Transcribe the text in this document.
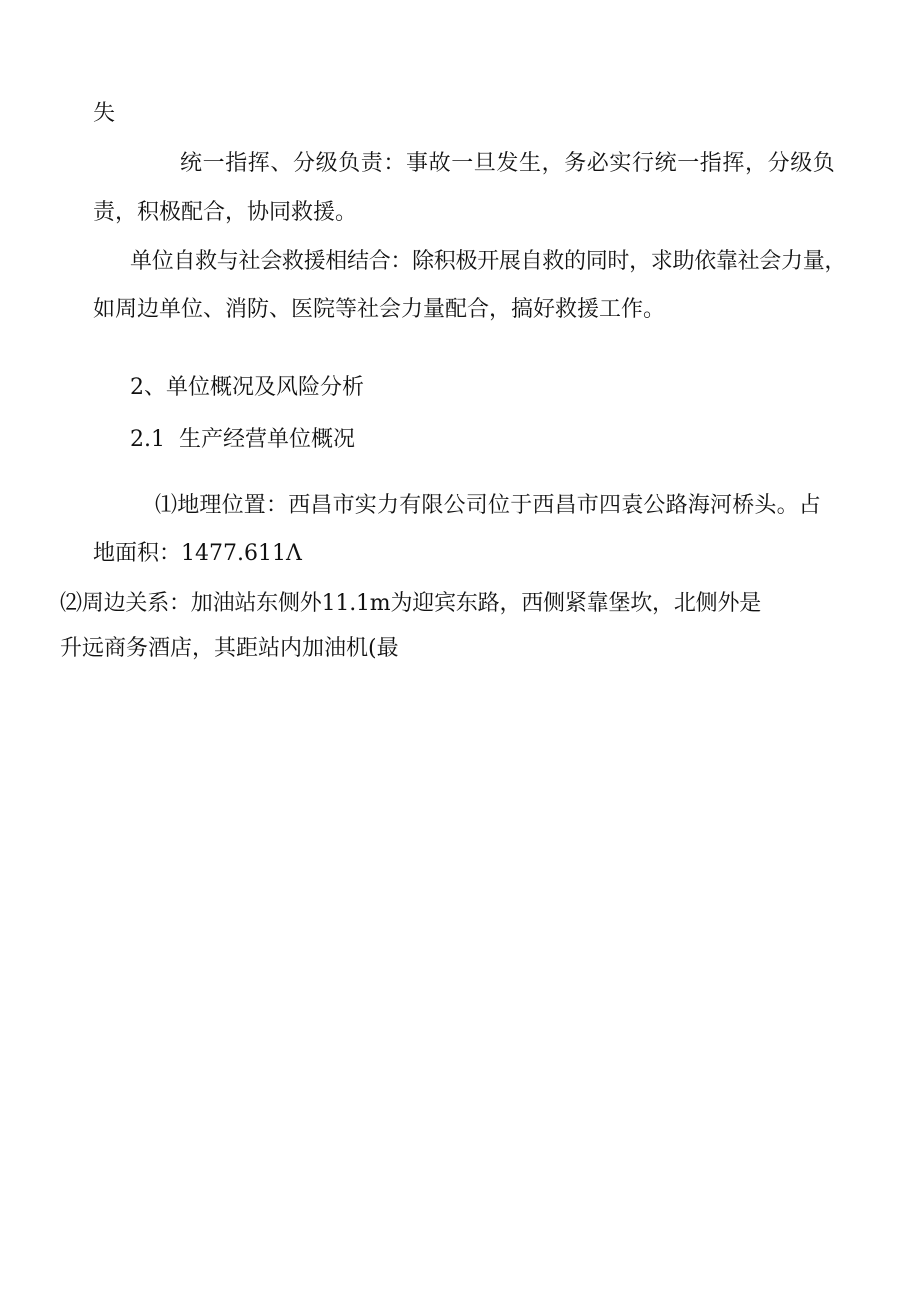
失

统一指挥、分级负责：事故一旦发生，务必实行统一指挥，分级负

责，积极配合，协同救援。

单位自救与社会救援相结合：除积极开展自救的同时，求助依靠社会力量，

如周边单位、消防、医院等社会力量配合，搞好救援工作。

2、单位概况及风险分析

2.1  生产经营单位概况

⑴地理位置：西昌市实力有限公司位于西昌市四袁公路海河桥头。占

地面积：1477.611Λ

⑵周边关系：加油站东侧外11.1m为迎宾东路，西侧紧靠堡坎，北侧外是

升远商务酒店，其距站内加油机(最
